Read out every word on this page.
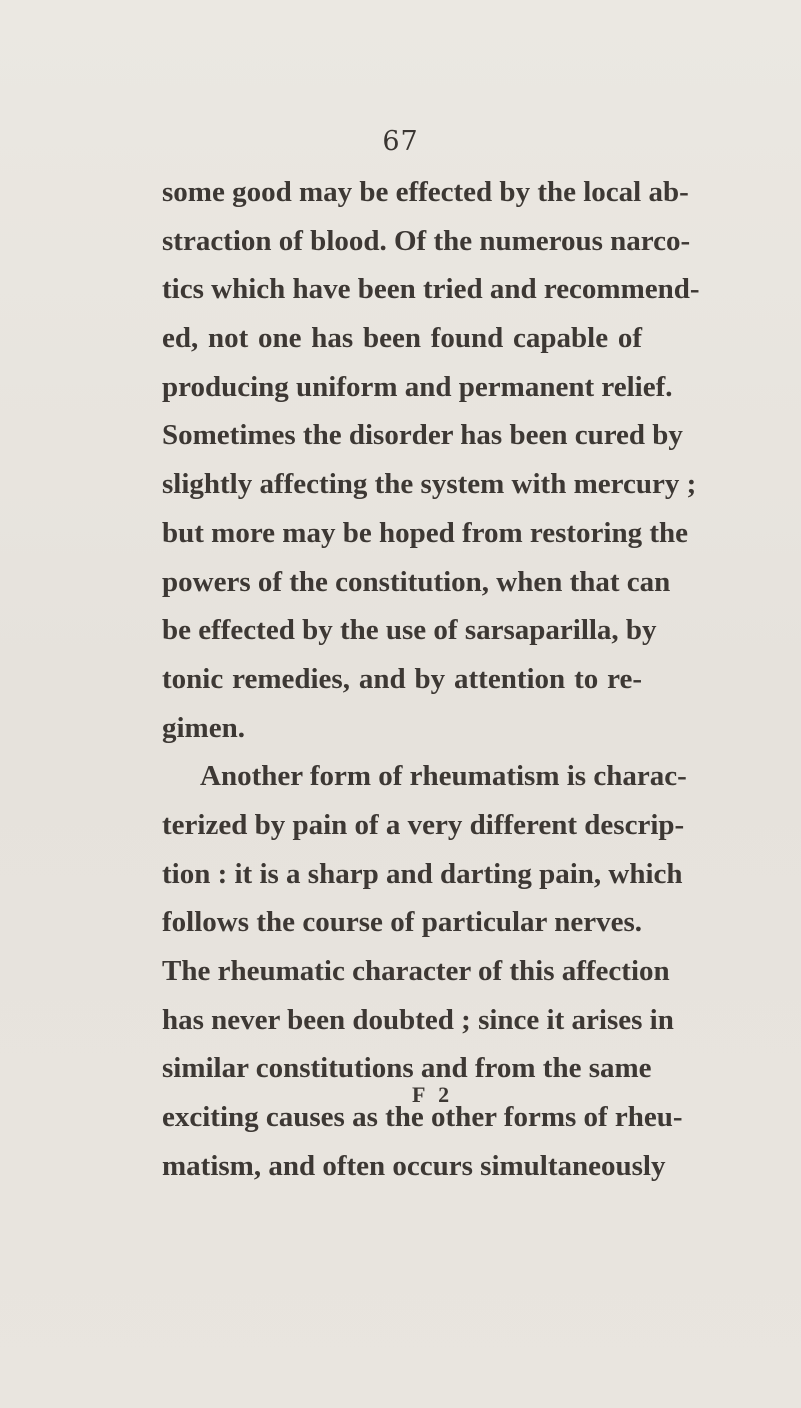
67
some good may be effected by the local ab-
straction of blood. Of the numerous narco-
tics which have been tried and recommend-
ed, not one has been found capable of
producing uniform and permanent relief.
Sometimes the disorder has been cured by
slightly affecting the system with mercury ;
but more may be hoped from restoring the
powers of the constitution, when that can
be effected by the use of sarsaparilla, by
tonic remedies, and by attention to re-
gimen.
Another form of rheumatism is charac-
terized by pain of a very different descrip-
tion : it is a sharp and darting pain, which
follows the course of particular nerves.
The rheumatic character of this affection
has never been doubted ; since it arises in
similar constitutions and from the same
exciting causes as the other forms of rheu-
matism, and often occurs simultaneously
F 2
